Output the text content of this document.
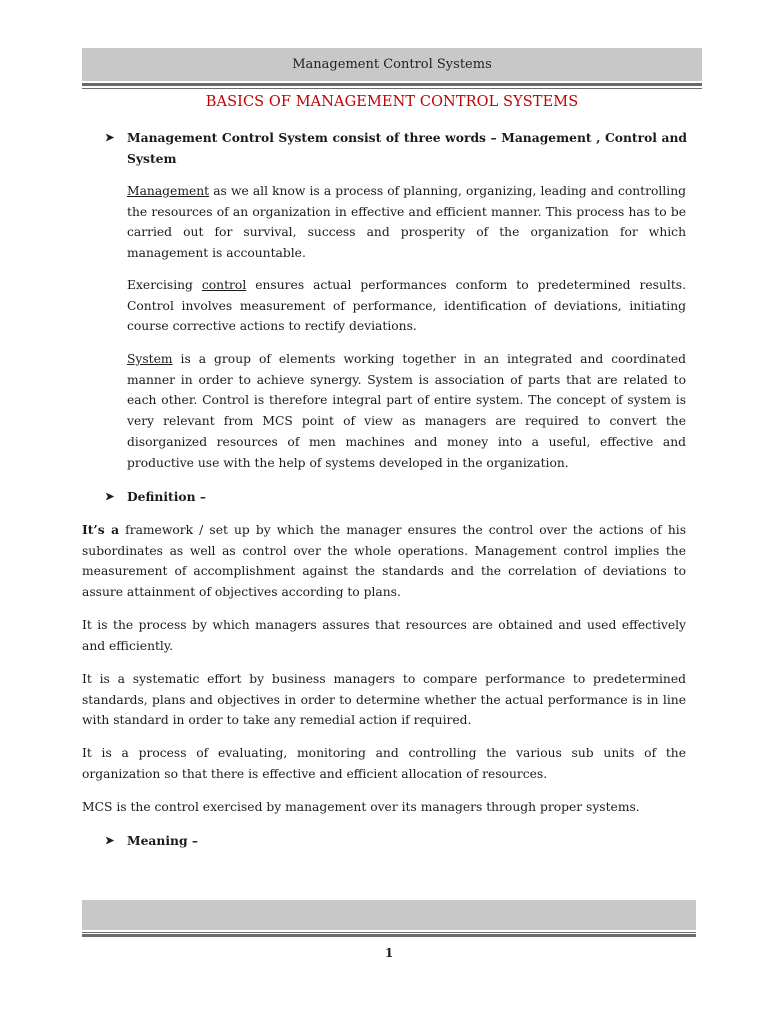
Management Control Systems
BASICS OF MANAGEMENT CONTROL SYSTEMS
➤	Management Control System consist of three words – Management , Control and System

Management as we all know is a process of planning, organizing, leading and controlling the resources of an organization in effective and efficient manner. This process has to be carried out for survival, success and prosperity of the organization for which management is accountable.

Exercising control ensures actual performances conform to predetermined results. Control involves measurement of performance, identification of deviations, initiating course corrective actions to rectify deviations.

System is a group of elements working together in an integrated and coordinated manner in order to achieve synergy. System is association of parts that are related to each other. Control is therefore integral part of entire system. The concept of system is very relevant from MCS point of view as managers are required to convert the disorganized resources of men machines and money into a useful, effective and productive use with the help of systems developed in the organization.

➤	Definition –

It’s a framework / set up by which the manager ensures the control over the actions of his subordinates as well as control over the whole operations. Management control implies the measurement of accomplishment against the standards and the correlation of deviations to assure attainment of objectives according to plans.

It is the process by which managers assures that resources are obtained and used effectively and efficiently.

It is a systematic effort by business managers to compare performance to predetermined standards, plans and objectives in order to determine whether the actual performance is in line with standard in order to take any remedial action if required.

It is a process of evaluating, monitoring and controlling the various sub units of the organization so that there is effective and efficient allocation of resources.

MCS is the control exercised by management over its managers through proper systems.

➤	Meaning –
1
